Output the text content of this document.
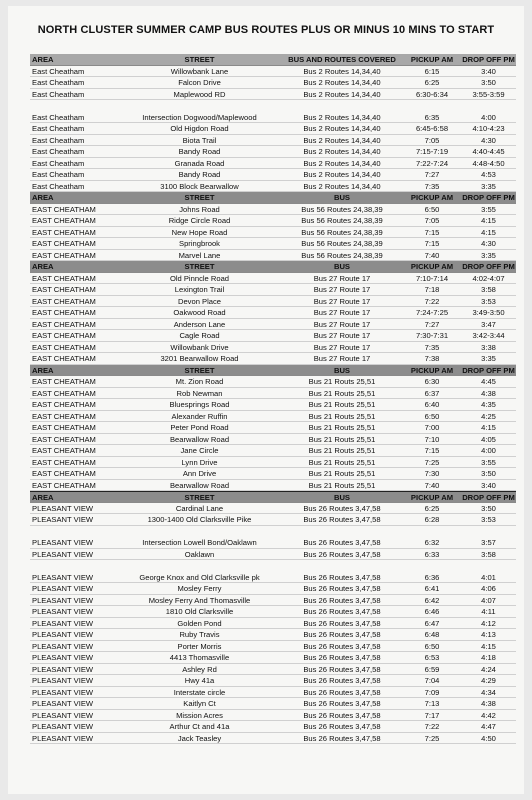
NORTH CLUSTER SUMMER CAMP BUS ROUTES PLUS OR MINUS 10 MINS TO START
AREA	STREET	BUS AND ROUTES COVERED	PICKUP AM	DROP OFF PM
East Cheatham	Willowbank Lane	Bus 2 Routes 14,34,40	6:15	3:40
East Cheatham	Falcon Drive	Bus 2 Routes 14,34,40	6:25	3:50
East Cheatham	Maplewood RD	Bus 2 Routes 14,34,40	6:30-6:34	3:55-3:59
East Cheatham	Intersection Dogwood/Maplewood	Bus 2 Routes 14,34,40	6:35	4:00
East Cheatham	Old Higdon Road	Bus 2 Routes 14,34,40	6:45-6:58	4:10-4:23
East Cheatham	Biota Trail	Bus 2 Routes 14,34,40	7:05	4:30
East Cheatham	Bandy Road	Bus 2 Routes 14,34,40	7:15-7:19	4:40-4:45
East Cheatham	Granada Road	Bus 2 Routes 14,34,40	7:22-7:24	4:48-4:50
East Cheatham	Bandy Road	Bus 2 Routes 14,34,40	7:27	4:53
East Cheatham	3100 Block Bearwallow	Bus 2 Routes 14,34,40	7:35	3:35
AREA	STREET	BUS	PICKUP AM	DROP OFF PM
EAST CHEATHAM	Johns Road	Bus 56 Routes 24,38,39	6:50	3:55
EAST CHEATHAM	Ridge Circle Road	Bus 56 Routes 24,38,39	7:05	4:15
EAST CHEATHAM	New Hope Road	Bus 56 Routes 24,38,39	7:15	4:15
EAST CHEATHAM	Springbrook	Bus 56 Routes 24,38,39	7:15	4:30
EAST CHEATHAM	Marvel Lane	Bus 56 Routes 24,38,39	7:40	3:35
AREA	STREET	BUS	PICKUP AM	DROP OFF PM
EAST CHEATHAM	Old Pinncle Road	Bus 27 Route 17	7:10-7:14	4:02-4:07
EAST CHEATHAM	Lexington Trail	Bus 27 Route 17	7:18	3:58
EAST CHEATHAM	Devon Place	Bus 27 Route 17	7:22	3:53
EAST CHEATHAM	Oakwood Road	Bus 27 Route 17	7:24-7:25	3:49-3:50
EAST CHEATHAM	Anderson Lane	Bus 27 Route 17	7:27	3:47
EAST CHEATHAM	Cagle Road	Bus 27 Route 17	7:30-7:31	3:42-3:44
EAST CHEATHAM	Willowbank Drive	Bus 27 Route 17	7:35	3:38
EAST CHEATHAM	3201 Bearwallow Road	Bus 27 Route 17	7:38	3:35
AREA	STREET	BUS	PICKUP AM	DROP OFF PM
EAST CHEATHAM	Mt. Zion Road	Bus 21 Routs 25,51	6:30	4:45
EAST CHEATHAM	Rob Newman	Bus 21 Routs 25,51	6:37	4:38
EAST CHEATHAM	Bluesprings Road	Bus 21 Routs 25,51	6:40	4:35
EAST CHEATHAM	Alexander Ruffin	Bus 21 Routs 25,51	6:50	4:25
EAST CHEATHAM	Peter Pond Road	Bus 21 Routs 25,51	7:00	4:15
EAST CHEATHAM	Bearwallow Road	Bus 21 Routs 25,51	7:10	4:05
EAST CHEATHAM	Jane Circle	Bus 21 Routs 25,51	7:15	4:00
EAST CHEATHAM	Lynn Drive	Bus 21 Routs 25,51	7:25	3:55
EAST CHEATHAM	Ann Drive	Bus 21 Routs 25,51	7:30	3:50
EAST CHEATHAM	Bearwallow Road	Bus 21 Routs 25,51	7:40	3:40
AREA	STREET	BUS	PICKUP AM	DROP OFF PM
PLEASANT VIEW	Cardinal Lane	Bus 26 Routes 3,47,58	6:25	3:50
PLEASANT VIEW	1300-1400 Old Clarksville Pike	Bus 26 Routes 3,47,58	6:28	3:53
PLEASANT VIEW	Intersection Lowell Bond/Oaklawn	Bus 26 Routes 3,47,58	6:32	3:57
PLEASANT VIEW	Oaklawn	Bus 26 Routes 3,47,58	6:33	3:58
PLEASANT VIEW	George Knox and Old Clarksville pk	Bus 26 Routes 3,47,58	6:36	4:01
PLEASANT VIEW	Mosley Ferry	Bus 26 Routes 3,47,58	6:41	4:06
PLEASANT VIEW	Mosley Ferry And Thomasville	Bus 26 Routes 3,47,58	6:42	4:07
PLEASANT VIEW	1810 Old Clarksville	Bus 26 Routes 3,47,58	6:46	4:11
PLEASANT VIEW	Golden Pond	Bus 26 Routes 3,47,58	6:47	4:12
PLEASANT VIEW	Ruby Travis	Bus 26 Routes 3,47,58	6:48	4:13
PLEASANT VIEW	Porter Morris	Bus 26 Routes 3,47,58	6:50	4:15
PLEASANT VIEW	4413 Thomasville	Bus 26 Routes 3,47,58	6:53	4:18
PLEASANT VIEW	Ashley Rd	Bus 26 Routes 3,47,58	6:59	4:24
PLEASANT VIEW	Hwy 41a	Bus 26 Routes 3,47,58	7:04	4:29
PLEASANT VIEW	Interstate circle	Bus 26 Routes 3,47,58	7:09	4:34
PLEASANT VIEW	Kaitlyn Ct	Bus 26 Routes 3,47,58	7:13	4:38
PLEASANT VIEW	Mission Acres	Bus 26 Routes 3,47,58	7:17	4:42
PLEASANT VIEW	Arthur Ct and 41a	Bus 26 Routes 3,47,58	7:22	4:47
PLEASANT VIEW	Jack Teasley	Bus 26 Routes 3,47,58	7:25	4:50
